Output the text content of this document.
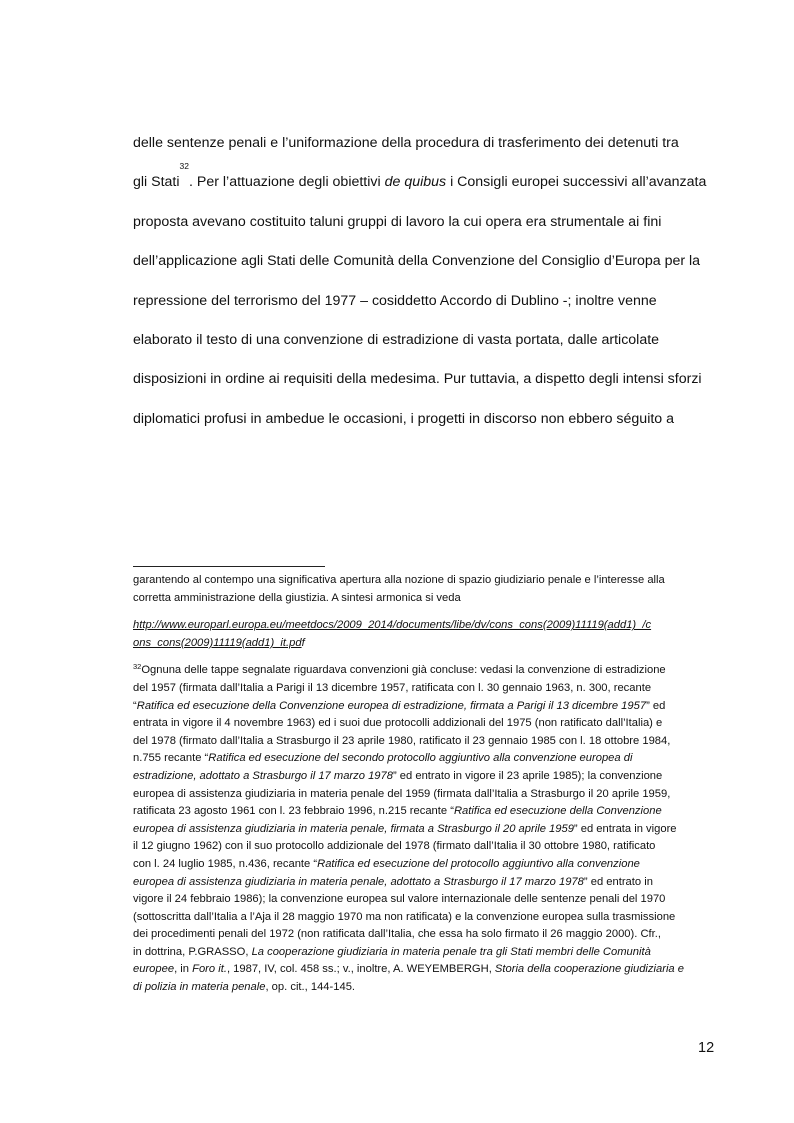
delle sentenze penali e l’uniformazione della procedura di trasferimento dei detenuti tra
gli Stati
32
. Per l’attuazione degli obiettivi de quibus i Consigli europei successivi all’avanzata
proposta avevano costituito taluni gruppi di lavoro la cui opera era strumentale ai fini
dell’applicazione agli Stati delle Comunità della Convenzione del Consiglio d’Europa per la
repressione del terrorismo del 1977 – cosiddetto Accordo di Dublino -; inoltre venne
elaborato il testo di una convenzione di estradizione di vasta portata, dalle articolate
disposizioni in ordine ai requisiti della medesima. Pur tuttavia, a dispetto degli intensi sforzi
diplomatici profusi in ambedue le occasioni, i progetti in discorso non ebbero séguito a
garantendo al contempo una significativa apertura alla nozione di spazio giudiziario penale e l’interesse alla
corretta amministrazione della giustizia. A sintesi armonica si veda
http://www.europarl.europa.eu/meetdocs/2009_2014/documents/libe/dv/cons_cons(2009)11119(add1)_/c
ons_cons(2009)11119(add1)_it.pd f
32Ognuna delle tappe segnalate riguardava convenzioni già concluse: vedasi la convenzione di estradizione
del 1957 (firmata dall’Italia a Parigi il 13 dicembre 1957, ratificata con l. 30 gennaio 1963, n. 300, recante
“Ratifica ed esecuzione della Convenzione europea di estradizione, firmata a Parigi il 13 dicembre 1957” ed
entrata in vigore il 4 novembre 1963) ed i suoi due protocolli addizionali del 1975 (non ratificato dall’Italia) e
del 1978 (firmato dall’Italia a Strasburgo il 23 aprile 1980, ratificato il 23 gennaio 1985 con l. 18 ottobre 1984,
n.755 recante “Ratifica ed esecuzione del secondo protocollo aggiuntivo alla convenzione europea di
estradizione, adottato a Strasburgo il 17 marzo 1978” ed entrato in vigore il 23 aprile 1985); la convenzione
europea di assistenza giudiziaria in materia penale del 1959 (firmata dall’Italia a Strasburgo il 20 aprile 1959,
ratificata 23 agosto 1961 con l. 23 febbraio 1996, n.215 recante “Ratifica ed esecuzione della Convenzione
europea di assistenza giudiziaria in materia penale, firmata a Strasburgo il 20 aprile 1959” ed entrata in vigore
il 12 giugno 1962) con il suo protocollo addizionale del 1978 (firmato dall’Italia il 30 ottobre 1980, ratificato
con l. 24 luglio 1985, n.436, recante “Ratifica ed esecuzione del protocollo aggiuntivo alla convenzione
europea di assistenza giudiziaria in materia penale, adottato a Strasburgo il 17 marzo 1978” ed entrato in
vigore il 24 febbraio 1986); la convenzione europea sul valore internazionale delle sentenze penali del 1970
(sottoscritta dall’Italia a l’Aja il 28 maggio 1970 ma non ratificata) e la convenzione europea sulla trasmissione
dei procedimenti penali del 1972 (non ratificata dall’Italia, che essa ha solo firmato il 26 maggio 2000). Cfr.,
in dottrina, P.GRASSO, La cooperazione giudiziaria in materia penale tra gli Stati membri delle Comunità
europee, in Foro it., 1987, IV, col. 458 ss.; v., inoltre, A. WEYEMBERGH, Storia della cooperazione giudiziaria e
di polizia in materia penale, op. cit., 144-145.
12
